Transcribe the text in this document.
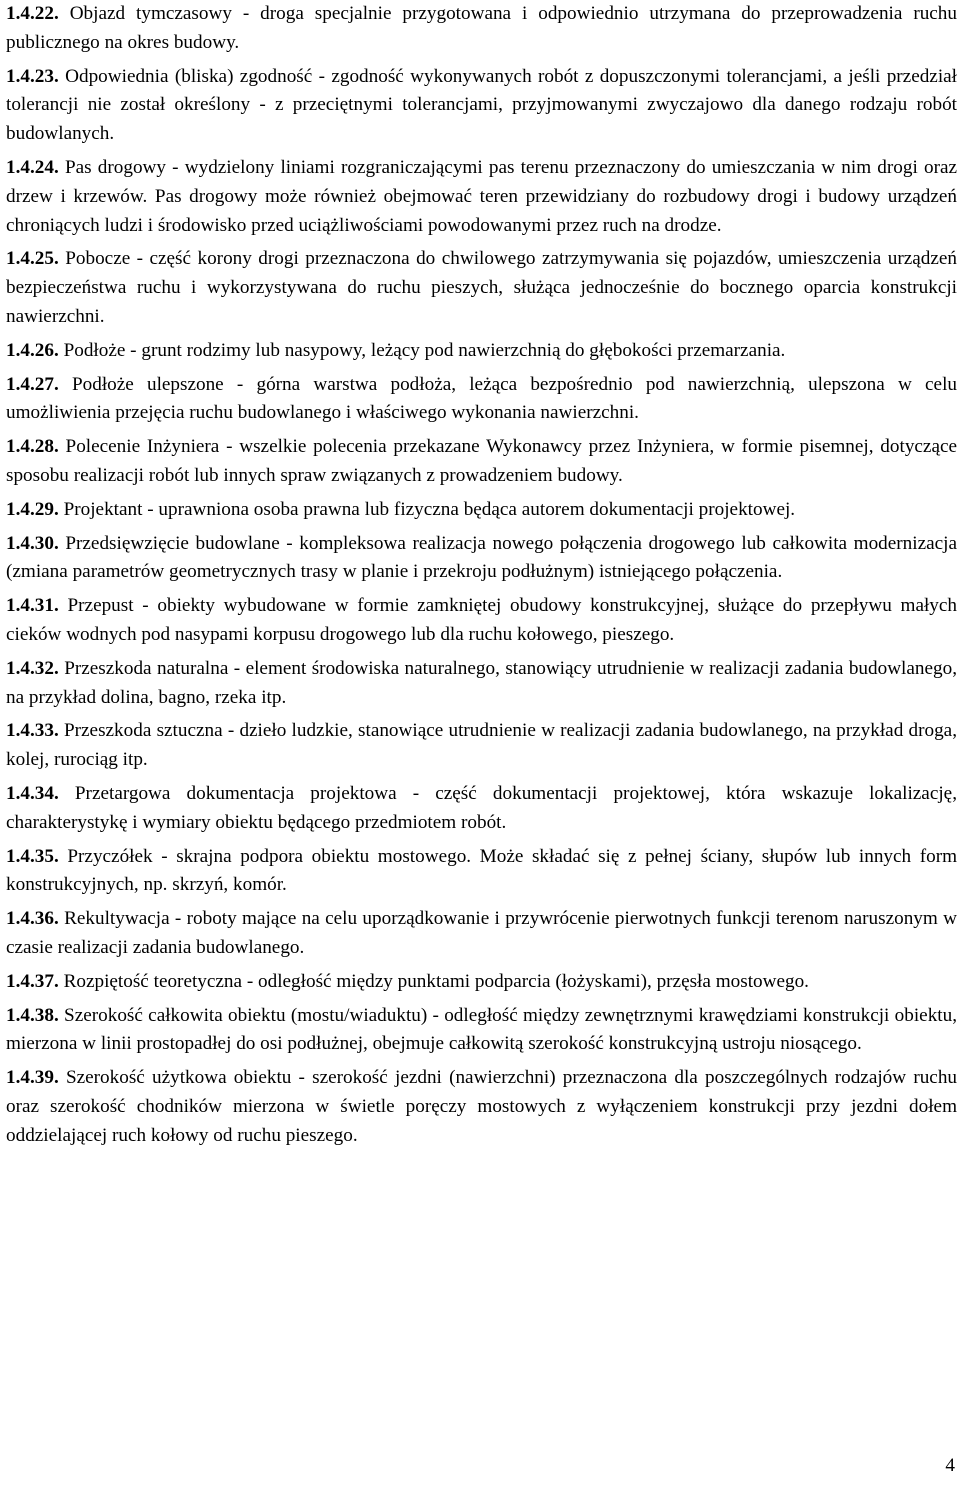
1.4.22. Objazd tymczasowy - droga specjalnie przygotowana i odpowiednio utrzymana do przeprowadzenia ruchu publicznego na okres budowy.

1.4.23. Odpowiednia (bliska) zgodność - zgodność wykonywanych robót z dopuszczonymi tolerancjami, a jeśli przedział tolerancji nie został określony - z przeciętnymi tolerancjami, przyjmowanymi zwyczajowo dla danego rodzaju robót budowlanych.

1.4.24. Pas drogowy - wydzielony liniami rozgraniczającymi pas terenu przeznaczony do umieszczania w nim drogi oraz drzew i krzewów. Pas drogowy może również obejmować teren przewidziany do rozbudowy drogi i budowy urządzeń chroniących ludzi i środowisko przed uciążliwościami powodowanymi przez ruch na drodze.

1.4.25. Pobocze - część korony drogi przeznaczona do chwilowego zatrzymywania się pojazdów, umieszczenia urządzeń bezpieczeństwa ruchu i wykorzystywana do ruchu pieszych, służąca jednocześnie do bocznego oparcia konstrukcji nawierzchni.

1.4.26. Podłoże - grunt rodzimy lub nasypowy, leżący pod nawierzchnią do głębokości przemarzania.

1.4.27. Podłoże ulepszone - górna warstwa podłoża, leżąca bezpośrednio pod nawierzchnią, ulepszona w celu umożliwienia przejęcia ruchu budowlanego i właściwego wykonania nawierzchni.

1.4.28. Polecenie Inżyniera - wszelkie polecenia przekazane Wykonawcy przez Inżyniera, w formie pisemnej, dotyczące sposobu realizacji robót lub innych spraw związanych z prowadzeniem budowy.

1.4.29. Projektant - uprawniona osoba prawna lub fizyczna będąca autorem dokumentacji projektowej.

1.4.30. Przedsięwzięcie budowlane - kompleksowa realizacja nowego połączenia drogowego lub całkowita modernizacja (zmiana parametrów geometrycznych trasy w planie i przekroju podłużnym) istniejącego połączenia.

1.4.31. Przepust - obiekty wybudowane w formie zamkniętej obudowy konstrukcyjnej, służące do przepływu małych cieków wodnych pod nasypami korpusu drogowego lub dla ruchu kołowego, pieszego.

1.4.32. Przeszkoda naturalna - element środowiska naturalnego, stanowiący utrudnienie w realizacji zadania budowlanego, na przykład dolina, bagno, rzeka itp.

1.4.33. Przeszkoda sztuczna - dzieło ludzkie, stanowiące utrudnienie w realizacji zadania budowlanego, na przykład droga, kolej, rurociąg itp.

1.4.34. Przetargowa dokumentacja projektowa - część dokumentacji projektowej, która wskazuje lokalizację, charakterystykę i wymiary obiektu będącego przedmiotem robót.

1.4.35. Przyczółek - skrajna podpora obiektu mostowego. Może składać się z pełnej ściany, słupów lub innych form konstrukcyjnych, np. skrzyń, komór.

1.4.36. Rekultywacja - roboty mające na celu uporządkowanie i przywrócenie pierwotnych funkcji terenom naruszonym w czasie realizacji zadania budowlanego.

1.4.37. Rozpiętość teoretyczna - odległość między punktami podparcia (łożyskami), przęsła mostowego.

1.4.38. Szerokość całkowita obiektu (mostu/wiaduktu) - odległość między zewnętrznymi krawędziami konstrukcji obiektu, mierzona w linii prostopadłej do osi podłużnej, obejmuje całkowitą szerokość konstrukcyjną ustroju niosącego.

1.4.39. Szerokość użytkowa obiektu - szerokość jezdni (nawierzchni) przeznaczona dla poszczególnych rodzajów ruchu oraz szerokość chodników mierzona w świetle poręczy mostowych z wyłączeniem konstrukcji przy jezdni dołem oddzielającej ruch kołowy od ruchu pieszego.

4
